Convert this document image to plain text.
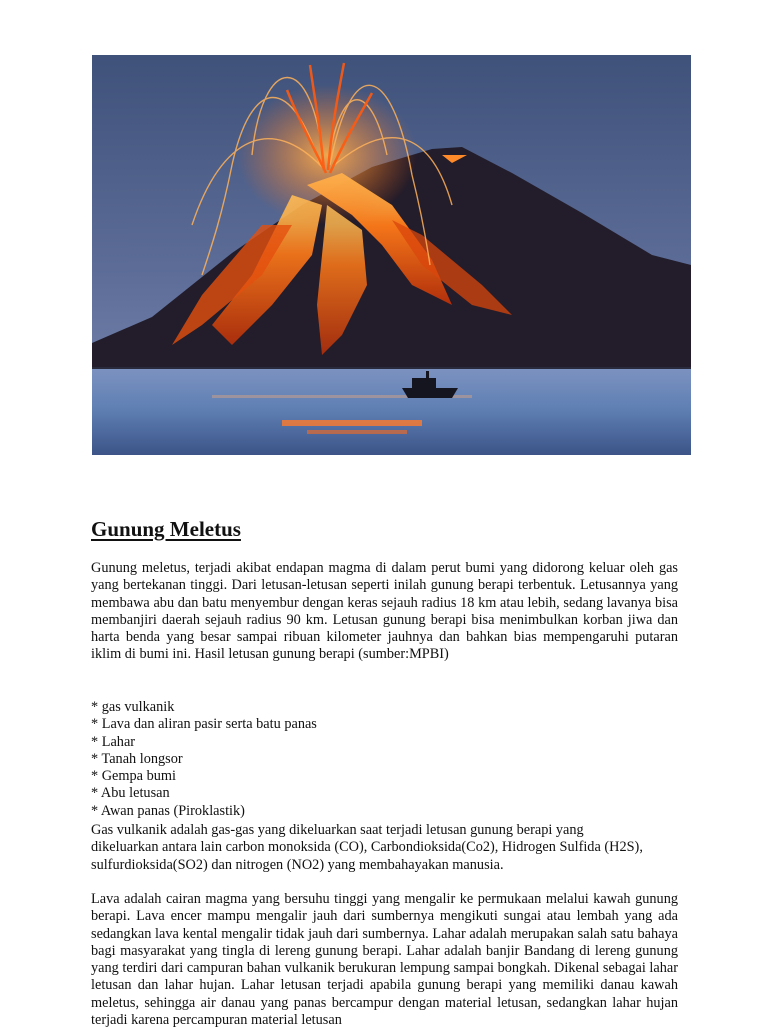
Gunung Meletus

Gunung meletus, terjadi akibat endapan magma di dalam perut bumi yang didorong keluar oleh gas yang bertekanan tinggi. Dari letusan-letusan seperti inilah gunung berapi terbentuk. Letusannya yang membawa abu dan batu menyembur dengan keras sejauh radius 18 km atau lebih, sedang lavanya bisa membanjiri daerah sejauh radius 90 km. Letusan gunung berapi bisa menimbulkan korban jiwa dan harta benda yang besar sampai ribuan kilometer jauhnya dan bahkan bias mempengaruhi putaran iklim di bumi ini. Hasil letusan gunung berapi (sumber:MPBI)

* gas vulkanik
* Lava dan aliran pasir serta batu panas
* Lahar
* Tanah longsor
* Gempa bumi
* Abu letusan
* Awan panas (Piroklastik)
Gas vulkanik adalah gas-gas yang dikeluarkan saat terjadi letusan gunung berapi yang
dikeluarkan antara lain carbon monoksida (CO), Carbondioksida(Co2), Hidrogen Sulfida (H2S),
sulfurdioksida(SO2) dan nitrogen (NO2) yang membahayakan manusia.

Lava adalah cairan magma yang bersuhu tinggi yang mengalir ke permukaan melalui kawah gunung berapi. Lava encer mampu mengalir jauh dari sumbernya mengikuti sungai atau lembah yang ada sedangkan lava kental mengalir tidak jauh dari sumbernya. Lahar adalah merupakan salah satu bahaya bagi masyarakat yang tingla di lereng gunung berapi. Lahar adalah banjir Bandang di lereng gunung yang terdiri dari campuran bahan vulkanik berukuran lempung sampai bongkah. Dikenal sebagai lahar letusan dan lahar hujan. Lahar letusan terjadi apabila gunung berapi yang memiliki danau kawah meletus, sehingga air danau yang panas bercampur dengan material letusan, sedangkan lahar hujan terjadi karena percampuran material letusan
